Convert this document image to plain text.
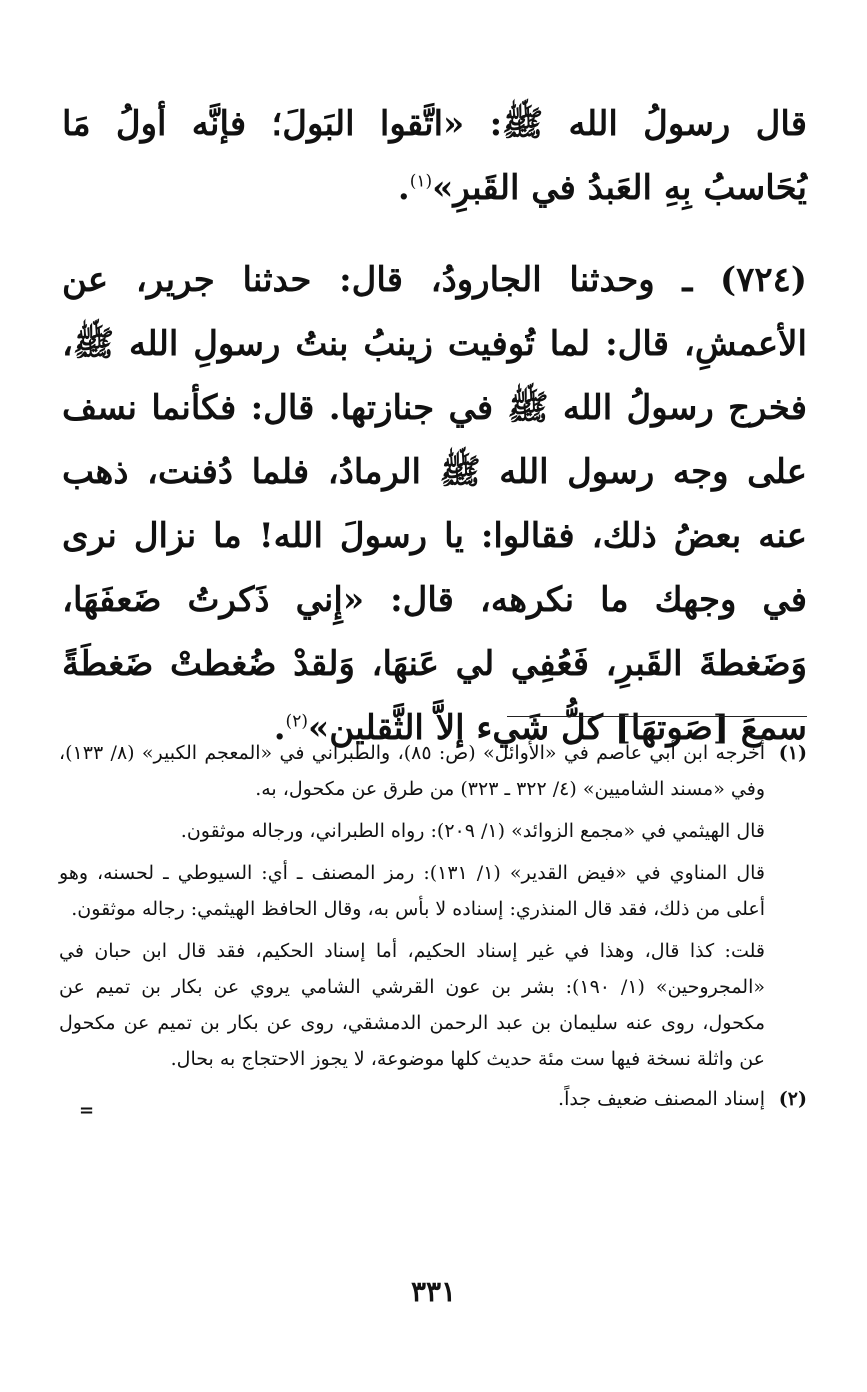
قال رسولُ الله ﷺ: «اتَّقوا البَولَ؛ فإنَّه أولُ مَا يُحَاسبُ بِهِ العَبدُ في القَبرِ»$^{(١)}$.

(٧٢٤) ـ وحدثنا الجارودُ، قال: حدثنا جرير، عن الأعمشِ، قال: لما تُوفيت زينبُ بنتُ رسولِ الله ﷺ، فخرج رسولُ الله ﷺ في جنازتها. قال: فكأنما نسف على وجه رسول الله ﷺ الرمادُ، فلما دُفنت، ذهب عنه بعضُ ذلك، فقالوا: يا رسولَ الله! ما نزال نرى في وجهك ما نكرهه، قال: «إِني ذَكرتُ ضَعفَهَا، وَضَغطةَ القَبرِ، فَعُفِي لي عَنهَا، وَلقدْ ضُغطتْ ضَغطَةً سمعَ [صَوتهَا] كلُّ شَيء إلاَّ الثَّقلين»$^{(٢)}$.

(١)

أخرجه ابن أبي عاصم في «الأوائل» (ص: ٨٥)، والطبراني في «المعجم الكبير» (٨/ ١٣٣)، وفي «مسند الشاميين» (٤/ ٣٢٢ ـ ٣٢٣) من طرق عن مكحول، به.

قال الهيثمي في «مجمع الزوائد» (١/ ٢٠٩): رواه الطبراني، ورجاله موثقون.

قال المناوي في «فيض القدير» (١/ ١٣١): رمز المصنف ـ أي: السيوطي ـ لحسنه، وهو أعلى من ذلك، فقد قال المنذري: إسناده لا بأس به، وقال الحافظ الهيثمي: رجاله موثقون.

قلت: كذا قال، وهذا في غير إسناد الحكيم، أما إسناد الحكيم، فقد قال ابن حبان في «المجروحين» (١/ ١٩٠): بشر بن عون القرشي الشامي يروي عن بكار بن تميم عن مكحول، روى عنه سليمان بن عبد الرحمن الدمشقي، روى عن بكار بن تميم عن مكحول عن واثلة نسخة فيها ست مئة حديث كلها موضوعة، لا يجوز الاحتجاج به بحال.

(٢)

إسناد المصنف ضعيف جداً.

=
٣٣١
